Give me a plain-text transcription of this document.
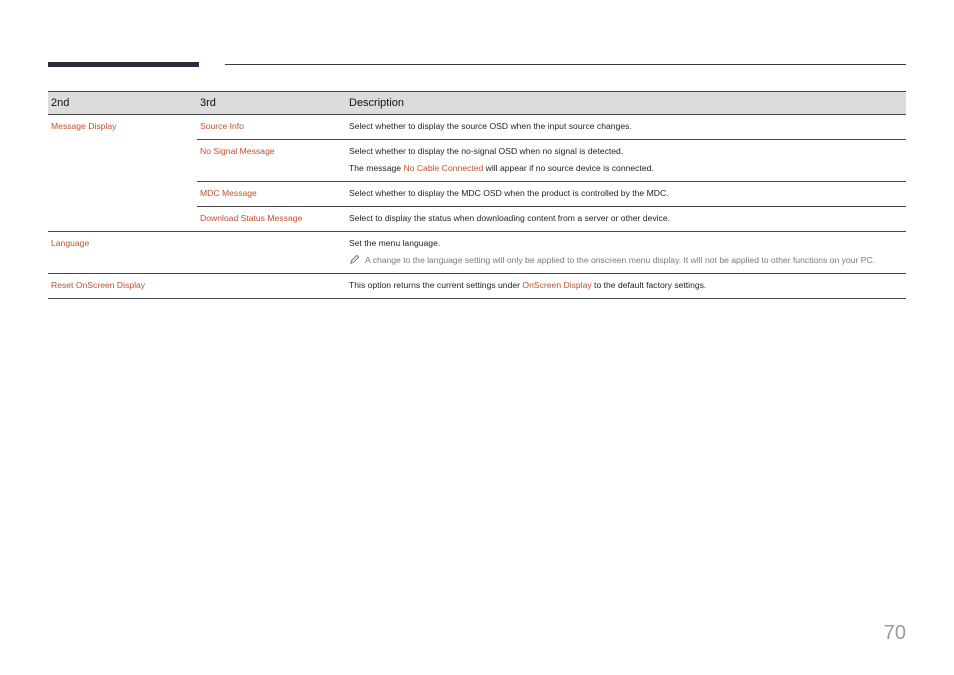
2nd	3rd	Description
Message Display	Source Info	Select whether to display the source OSD when the input source changes.

	No Signal Message	Select whether to display the no-signal OSD when no signal is detected.
The message No Cable Connected will appear if no source device is connected.

	MDC Message	Select whether to display the MDC OSD when the product is controlled by the MDC.

	Download Status Message	Select to display the status when downloading content from a server or other device.

Language		Set the menu language.
A change to the language setting will only be applied to the onscreen menu display. It will not be applied to other functions on your PC.

Reset OnScreen Display		This option returns the current settings under OnScreen Display to the default factory settings.
70
